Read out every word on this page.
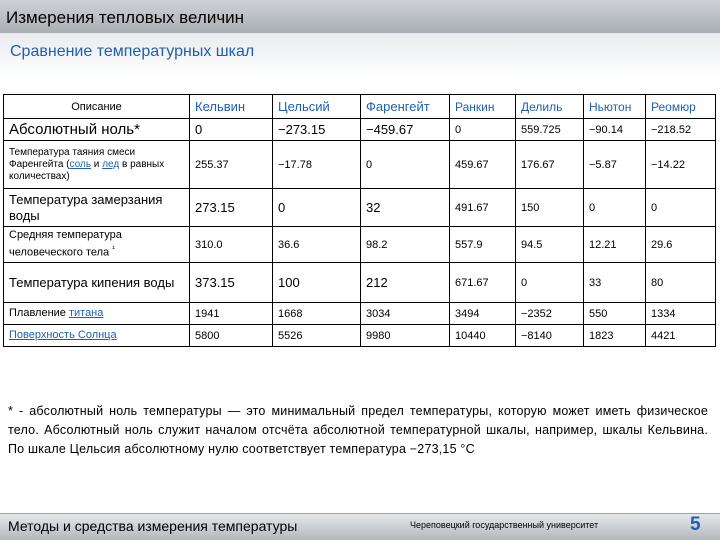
Измерения тепловых величин
Сравнение температурных шкал
Описание	Кельвин	Цельсий	Фаренгейт	Ранкин	Делиль	Ньютон	Реомюр
Абсолютный ноль*	0	−273.15	−459.67	0	559.725	−90.14	−218.52
Температура таяния смеси Фаренгейта (соль и лед в равных количествах)	255.37	−17.78	0	459.67	176.67	−5.87	−14.22
Температура замерзания воды	273.15	0	32	491.67	150	0	0
Средняя температура человеческого тела $^{^1}$	310.0	36.6	98.2	557.9	94.5	12.21	29.6
Температура кипения воды	373.15	100	212	671.67	0	33	80
Плавление титана	1941	1668	3034	3494	−2352	550	1334
Поверхность Солнца	5800	5526	9980	10440	−8140	1823	4421

* - абсолютный ноль температуры — это минимальный предел температуры, которую может иметь физическое тело. Абсолютный ноль служит началом отсчёта абсолютной температурной шкалы, например, шкалы Кельвина. По шкале Цельсия абсолютному нулю соответствует температура −273,15 °C

Методы и средства измерения температуры	Череповецкий государственный университет	5
